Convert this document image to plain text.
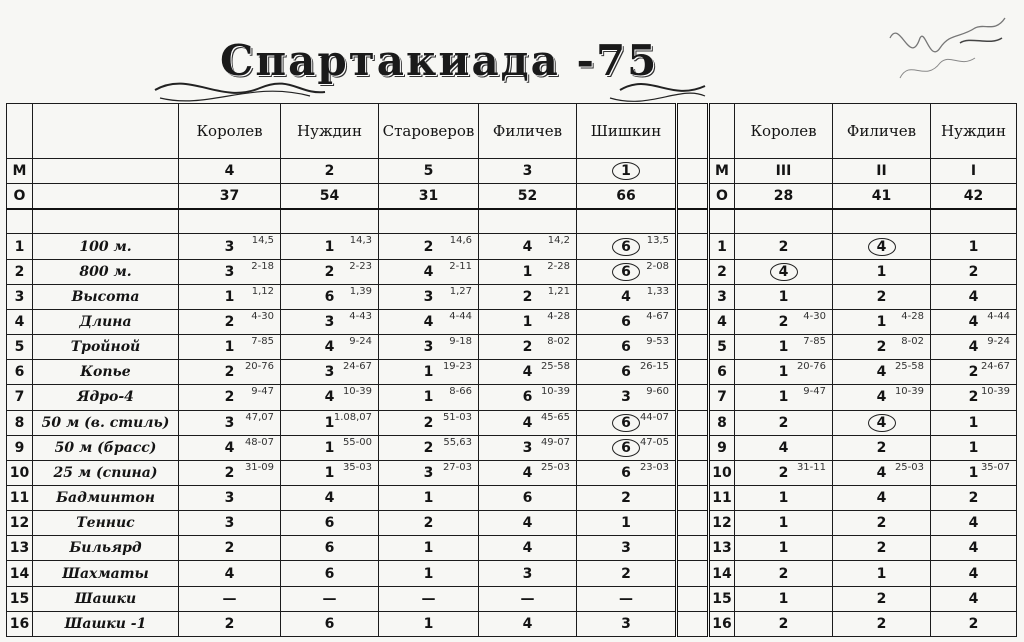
Спартакиада -75
		Королев	Нуждин	Староверов	Филичев	Шишкин			Королев	Филичев	Нуждин
М		4	2	5	3	1		М	III	II	I
О		37	54	31	52	66		О	28	41	42

1	100 м.	3 14,5	1 14,3	2 14,6	4 14,2	6 13,5		1	2	4	1
2	800 м.	3 2-18	2 2-23	4 2-11	1 2-28	6 2-08		2	4	1	2
3	Высота	1 1,12	6 1,39	3 1,27	2 1,21	4 1,33		3	1	2	4
4	Длина	2 4-30	3 4-43	4 4-44	1 4-28	6 4-67		4	2 4-30	1 4-28	4 4-44

5	Тройной	1 7-85	4 9-24	3 9-18	2 8-02	6 9-53		5	1 7-85	2 8-02	4 9-24

6	Копье	2 20-76	3 24-67	1 19-23	4 25-58	6 26-15		6	1 20-76	4 25-58	2 24-67

7	Ядро-4	2 9-47	4 10-39	1 8-66	6 10-39	3 9-60		7	1 9-47	4 10-39	2 10-39

8	50 м (в. стиль)	3 47,07	1 1.08,07	2 51-03	4 45-65	6 44-07		8	2	4	1
9	50 м (брасс)	4 48-07	1 55-00	2 55,63	3 49-07	6 47-05		9	4	2	1
10	25 м (спина)	2 31-09	1 35-03	3 27-03	4 25-03	6 23-03		10	2 31-11	4 25-03	1 35-07

11	Бадминтон	3	4	1	6	2		11	1	4	2
12	Теннис	3	6	2	4	1		12	1	2	4
13	Бильярд	2	6	1	4	3		13	1	2	4
14	Шахматы	4	6	1	3	2		14	2	1	4
15	Шашки	—	—	—	—	—		15	1	2	4
16	Шашки -1	2	6	1	4	3		16	2	2	2
